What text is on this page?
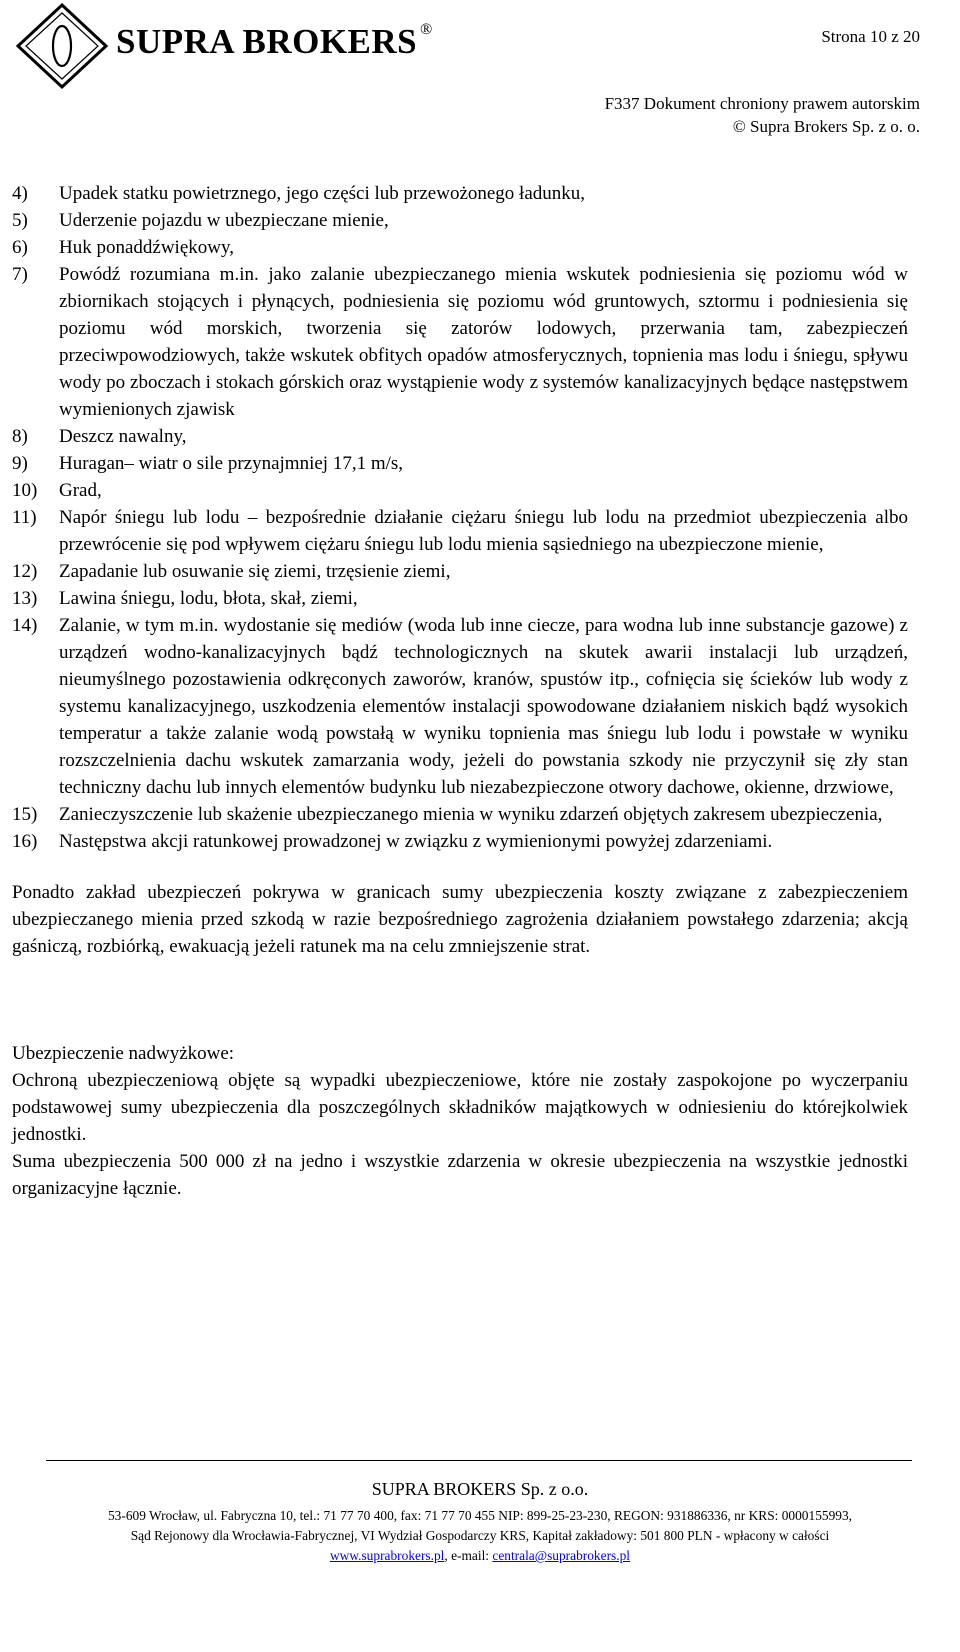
SUPRA BROKERS ®	Strona 10 z 20
F337 Dokument chroniony prawem autorskim
© Supra Brokers Sp. z o. o.
4) Upadek statku powietrznego, jego części lub przewożonego ładunku,
5) Uderzenie pojazdu w ubezpieczane mienie,
6) Huk ponaddźwiękowy,
7) Powódź rozumiana m.in. jako zalanie ubezpieczanego mienia wskutek podniesienia się poziomu wód w zbiornikach stojących i płynących, podniesienia się poziomu wód gruntowych, sztormu i podniesienia się poziomu wód morskich, tworzenia się zatorów lodowych, przerwania tam, zabezpieczeń przeciwpowodziowych, także wskutek obfitych opadów atmosferycznych, topnienia mas lodu i śniegu, spływu wody po zboczach i stokach górskich oraz wystąpienie wody z systemów kanalizacyjnych będące następstwem wymienionych zjawisk
8) Deszcz nawalny,
9) Huragan– wiatr o sile przynajmniej 17,1 m/s,
10) Grad,
11) Napór śniegu lub lodu – bezpośrednie działanie ciężaru śniegu lub lodu na przedmiot ubezpieczenia albo przewrócenie się pod wpływem ciężaru śniegu lub lodu mienia sąsiedniego na ubezpieczone mienie,
12) Zapadanie lub osuwanie się ziemi, trzęsienie ziemi,
13) Lawina śniegu, lodu, błota, skał, ziemi,
14) Zalanie, w tym m.in. wydostanie się mediów (woda lub inne ciecze, para wodna lub inne substancje gazowe) z urządzeń wodno-kanalizacyjnych bądź technologicznych na skutek awarii instalacji lub urządzeń, nieumyślnego pozostawienia odkręconych zaworów, kranów, spustów itp., cofnięcia się ścieków lub wody z systemu kanalizacyjnego, uszkodzenia elementów instalacji spowodowane działaniem niskich bądź wysokich temperatur a także zalanie wodą powstałą w wyniku topnienia mas śniegu lub lodu i powstałe w wyniku rozszczelnienia dachu wskutek zamarzania wody, jeżeli do powstania szkody nie przyczynił się zły stan techniczny dachu lub innych elementów budynku lub niezabezpieczone otwory dachowe, okienne, drzwiowe,
15) Zanieczyszczenie lub skażenie ubezpieczanego mienia w wyniku zdarzeń objętych zakresem ubezpieczenia,
16) Następstwa akcji ratunkowej prowadzonej w związku z wymienionymi powyżej zdarzeniami.

Ponadto zakład ubezpieczeń pokrywa w granicach sumy ubezpieczenia koszty związane z zabezpieczeniem ubezpieczanego mienia przed szkodą w razie bezpośredniego zagrożenia działaniem powstałego zdarzenia; akcją gaśniczą, rozbiórką, ewakuacją jeżeli ratunek ma na celu zmniejszenie strat.

Ubezpieczenie nadwyżkowe:

Ochroną ubezpieczeniową objęte są wypadki ubezpieczeniowe, które nie zostały zaspokojone po wyczerpaniu podstawowej sumy ubezpieczenia dla poszczególnych składników majątkowych w odniesieniu do którejkolwiek jednostki.

Suma ubezpieczenia 500 000 zł na jedno i wszystkie zdarzenia w okresie ubezpieczenia na wszystkie jednostki organizacyjne łącznie.

SUPRA BROKERS Sp. z o.o.
53-609 Wrocław, ul. Fabryczna 10, tel.: 71 77 70 400, fax: 71 77 70 455 NIP: 899-25-23-230, REGON: 931886336, nr KRS: 0000155993,
Sąd Rejonowy dla Wrocławia-Fabrycznej, VI Wydział Gospodarczy KRS, Kapitał zakładowy: 501 800 PLN - wpłacony w całości
www.suprabrokers.pl, e-mail: centrala@suprabrokers.pl
